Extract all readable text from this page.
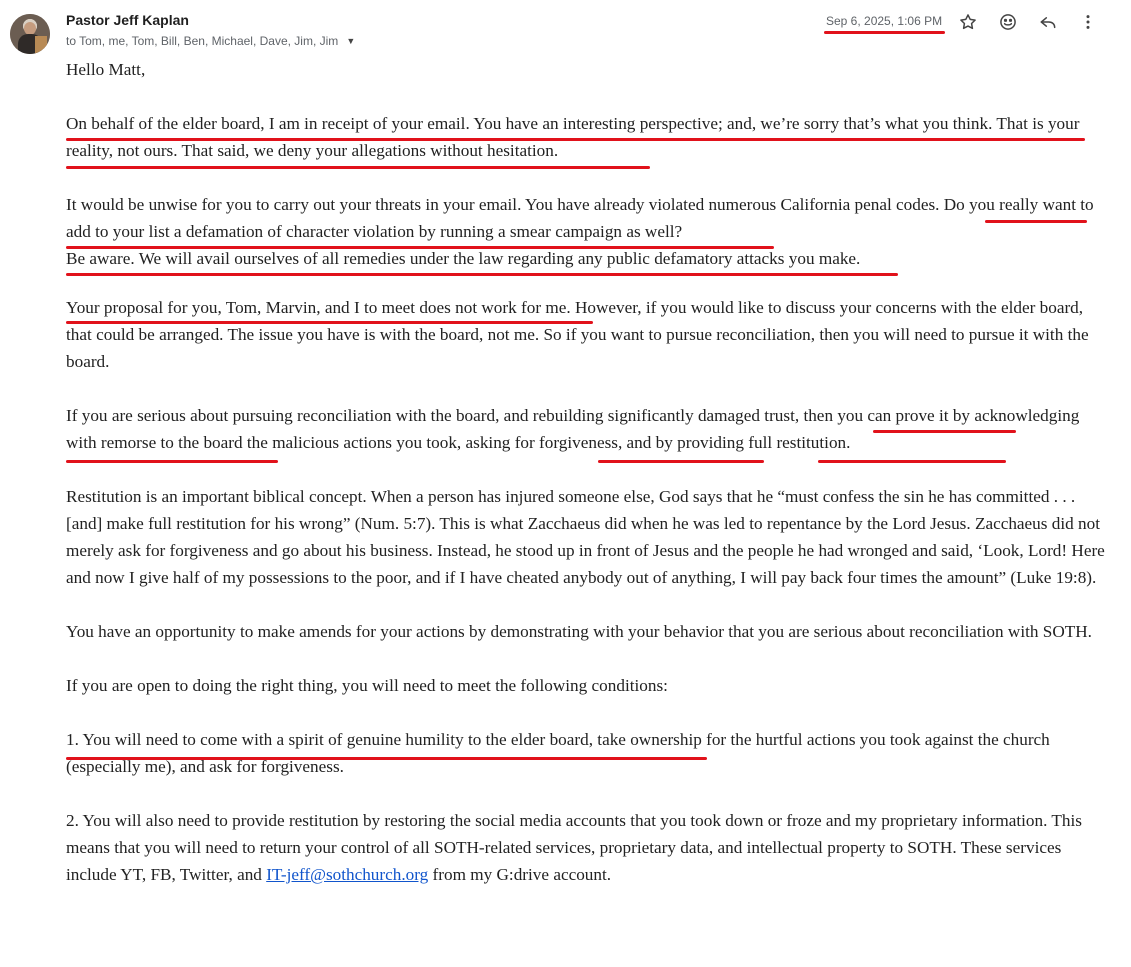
Pastor Jeff Kaplan
to Tom, me, Tom, Bill, Ben, Michael, Dave, Jim, Jim ▼
Sep 6, 2025, 1:06 PM

Hello Matt,

On behalf of the elder board, I am in receipt of your email. You have an interesting perspective; and, we’re sorry that’s what you think. That is your reality, not ours. That said, we deny your allegations without hesitation.

It would be unwise for you to carry out your threats in your email. You have already violated numerous California penal codes. Do you really want to add to your list a defamation of character violation by running a smear campaign as well?

Be aware. We will avail ourselves of all remedies under the law regarding any public defamatory attacks you make.

Your proposal for you, Tom, Marvin, and I to meet does not work for me. However, if you would like to discuss your concerns with the elder board, that could be arranged. The issue you have is with the board, not me. So if you want to pursue reconciliation, then you will need to pursue it with the board.

If you are serious about pursuing reconciliation with the board, and rebuilding significantly damaged trust, then you can prove it by acknowledging with remorse to the board the malicious actions you took, asking for forgiveness, and by providing full restitution.

Restitution is an important biblical concept. When a person has injured someone else, God says that he “must confess the sin he has committed . . . [and] make full restitution for his wrong” (Num. 5:7). This is what Zacchaeus did when he was led to repentance by the Lord Jesus. Zacchaeus did not merely ask for forgiveness and go about his business. Instead, he stood up in front of Jesus and the people he had wronged and said, ‘Look, Lord! Here and now I give half of my possessions to the poor, and if I have cheated anybody out of anything, I will pay back four times the amount” (Luke 19:8).

You have an opportunity to make amends for your actions by demonstrating with your behavior that you are serious about reconciliation with SOTH.

If you are open to doing the right thing, you will need to meet the following conditions:

1. You will need to come with a spirit of genuine humility to the elder board, take ownership for the hurtful actions you took against the church (especially me), and ask for forgiveness.

2. You will also need to provide restitution by restoring the social media accounts that you took down or froze and my proprietary information. This means that you will need to return your control of all SOTH-related services, proprietary data, and intellectual property to SOTH. These services include YT, FB, Twitter, and IT-jeff@sothchurch.org from my G:drive account.
